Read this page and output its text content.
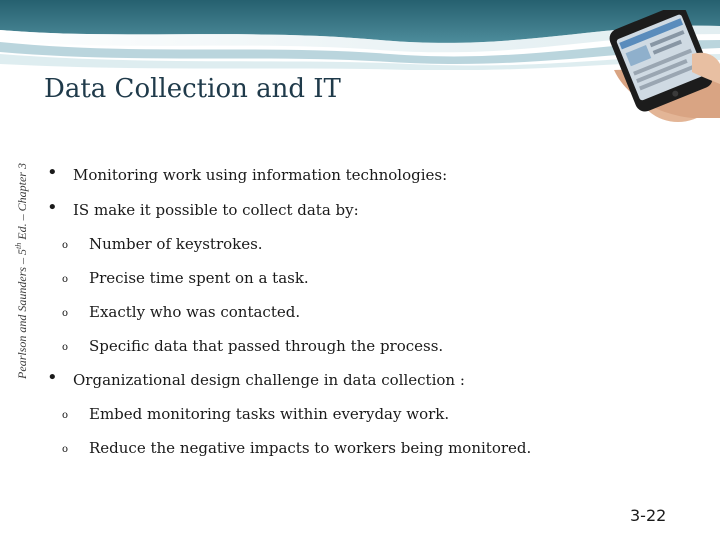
Pearlson and Saunders – 5th Ed. – Chapter 3
Data Collection and IT
• Monitoring work using information technologies:
• IS make it possible to collect data by:
o Number of keystrokes.
o Precise time spent on a task.
o Exactly who was contacted.
o Specific data that passed through the process.
• Organizational design challenge in data collection :
o Embed monitoring tasks within everyday work.
o Reduce the negative impacts to workers being monitored.
3-22
